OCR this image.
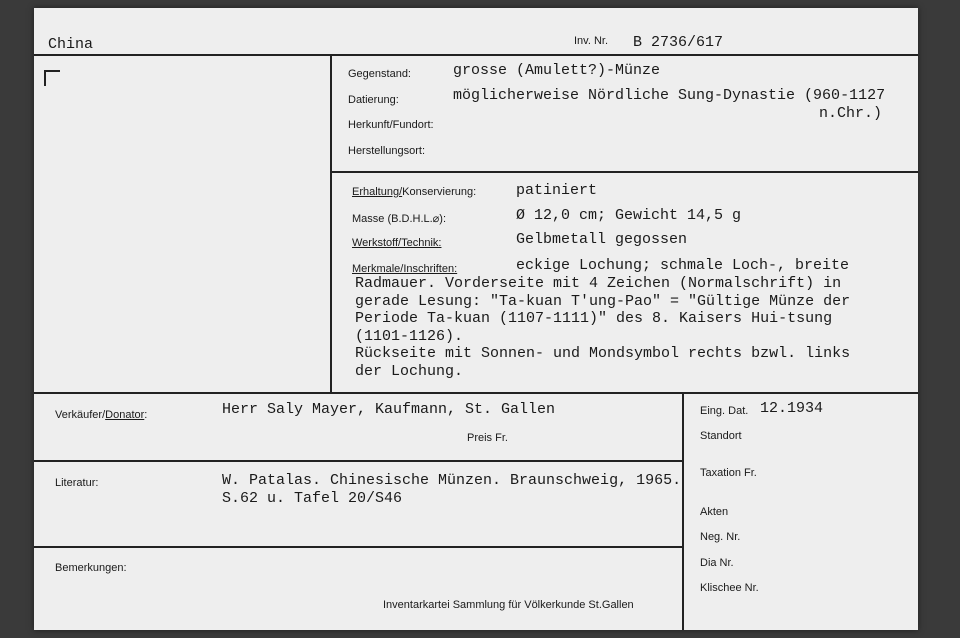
China	Inv. Nr. B 2736/617
Gegenstand:	grosse (Amulett?)-Münze
Datierung:	möglicherweise Nördliche Sung-Dynastie (960-1127
n.Chr.)
Herkunft/Fundort:
Herstellungsort:
Erhaltung/Konservierung:	patiniert
Masse (B.D.H.L.⌀):	Ø 12,0 cm; Gewicht 14,5 g
Werkstoff/Technik:	Gelbmetall gegossen
Merkmale/Inschriften:	eckige Lochung; schmale Loch-, breite
Radmauer. Vorderseite mit 4 Zeichen (Normalschrift) in
gerade Lesung: "Ta-kuan T'ung-Pao" = "Gültige Münze der
Periode Ta-kuan (1107-1111)" des 8. Kaisers Hui-tsung
(1101-1126).
Rückseite mit Sonnen- und Mondsymbol rechts bzwl. links
der Lochung.
Verkäufer/Donator:	Herr Saly Mayer, Kaufmann, St. Gallen
Preis Fr.
Literatur:	W. Patalas. Chinesische Münzen. Braunschweig, 1965.
S.62 u. Tafel 20/S46
Bemerkungen:
Inventarkartei Sammlung für Völkerkunde St.Gallen
Eing. Dat. 12.1934
Standort
Taxation Fr.
Akten
Neg. Nr.
Dia Nr.
Klischee Nr.
